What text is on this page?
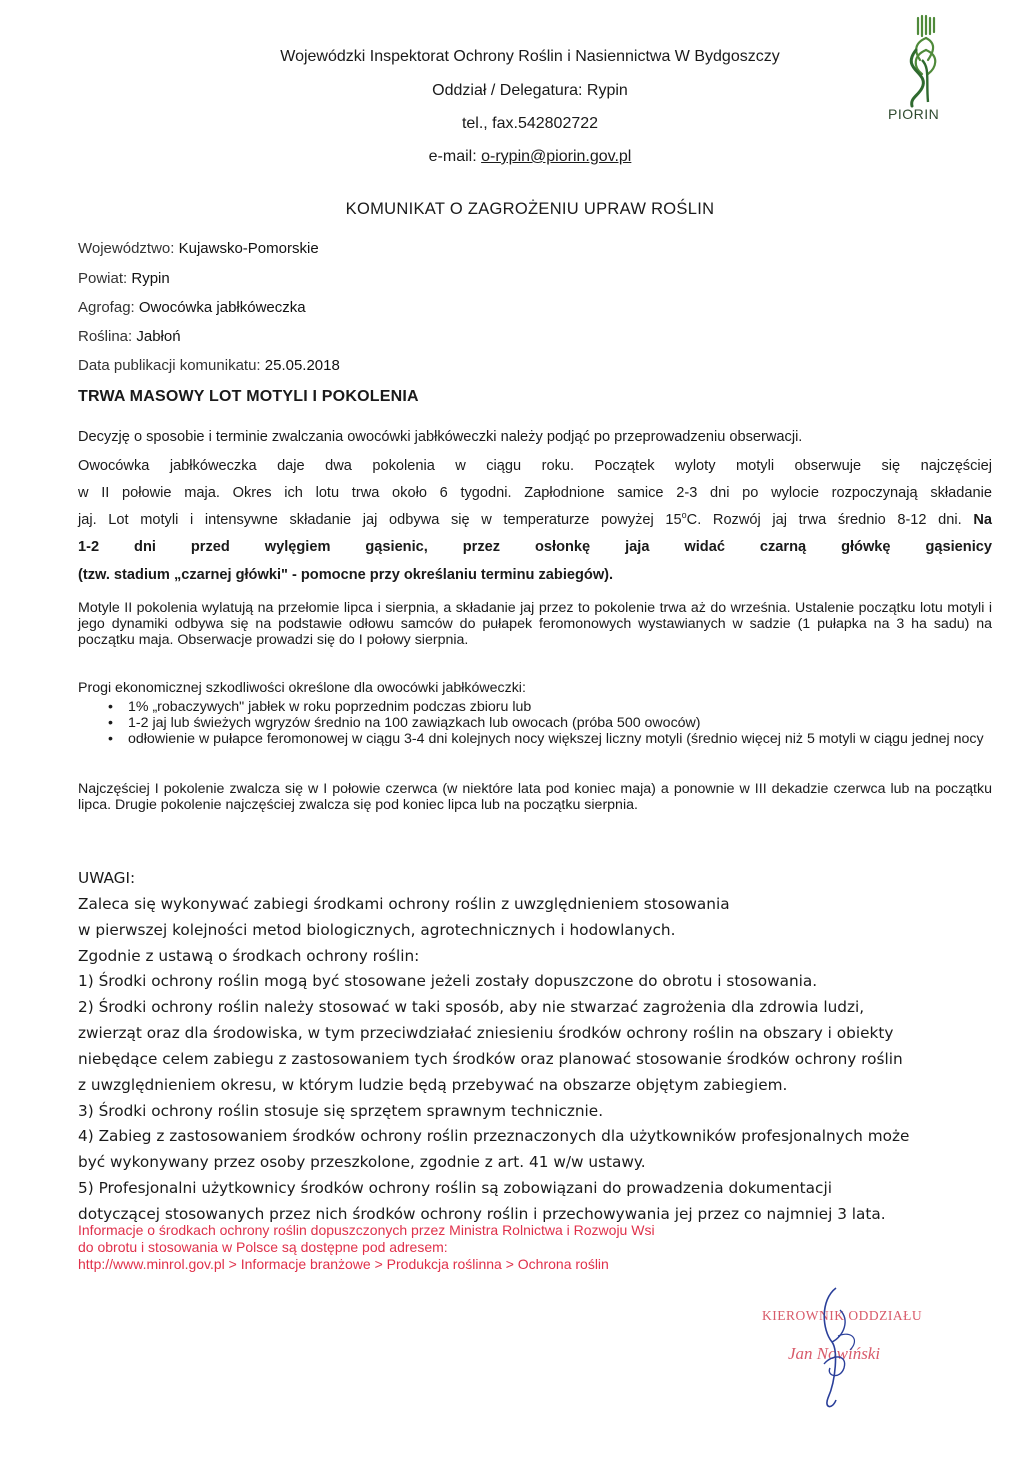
Wojewódzki Inspektorat Ochrony Roślin i Nasiennictwa W Bydgoszczy
Oddział / Delegatura: Rypin
tel., fax.542802722
e-mail: o-rypin@piorin.gov.pl
PIORIN
KOMUNIKAT O ZAGROŻENIU UPRAW ROŚLIN
Województwo: Kujawsko-Pomorskie
Powiat: Rypin
Agrofag: Owocówka jabłkóweczka
Roślina: Jabłoń
Data publikacji komunikatu: 25.05.2018
TRWA MASOWY LOT MOTYLI I POKOLENIA
Decyzję o sposobie i terminie zwalczania owocówki jabłkóweczki należy podjąć po przeprowadzeniu obserwacji.
Owocówka jabłkóweczka daje dwa pokolenia w ciągu roku. Początek wyloty motyli obserwuje się najczęściej
w II połowie maja. Okres ich lotu trwa około 6 tygodni. Zapłodnione samice 2-3 dni po wylocie rozpoczynają składanie
jaj. Lot motyli i intensywne składanie jaj odbywa się w temperaturze powyżej 15$^o$C. Rozwój jaj trwa średnio 8-12 dni. Na
1-2 dni przed wylęgiem gąsienic, przez osłonkę jaja widać czarną główkę gąsienicy
(tzw. stadium „czarnej główki" - pomocne przy określaniu terminu zabiegów).
Motyle II pokolenia wylatują na przełomie lipca i sierpnia, a składanie jaj przez to pokolenie trwa aż do września. Ustalenie początku lotu motyli i jego dynamiki odbywa się na podstawie odłowu samców do pułapek feromonowych wystawianych w sadzie (1 pułapka na 3 ha sadu) na początku maja. Obserwacje prowadzi się do I połowy sierpnia.
Progi ekonomicznej szkodliwości określone dla owocówki jabłkóweczki:
• 1% „robaczywych" jabłek w roku poprzednim podczas zbioru lub
• 1-2 jaj lub świeżych wgryzów średnio na 100 zawiązkach lub owocach (próba 500 owoców)
• odłowienie w pułapce feromonowej w ciągu 3-4 dni kolejnych nocy większej liczny motyli (średnio więcej niż 5 motyli w ciągu jednej nocy
Najczęściej I pokolenie zwalcza się w I połowie czerwca (w niektóre lata pod koniec maja) a ponownie w III dekadzie czerwca lub na początku lipca. Drugie pokolenie najczęściej zwalcza się pod koniec lipca lub na początku sierpnia.
UWAGI:
Zaleca się wykonywać zabiegi środkami ochrony roślin z uwzględnieniem stosowania
w pierwszej kolejności metod biologicznych, agrotechnicznych i hodowlanych.
Zgodnie z ustawą o środkach ochrony roślin:
1) Środki ochrony roślin mogą być stosowane jeżeli zostały dopuszczone do obrotu i stosowania.
2) Środki ochrony roślin należy stosować w taki sposób, aby nie stwarzać zagrożenia dla zdrowia ludzi,
zwierząt oraz dla środowiska, w tym przeciwdziałać zniesieniu środków ochrony roślin na obszary i obiekty
niebędące celem zabiegu z zastosowaniem tych środków oraz planować stosowanie środków ochrony roślin
z uwzględnieniem okresu, w którym ludzie będą przebywać na obszarze objętym zabiegiem.
3) Środki ochrony roślin stosuje się sprzętem sprawnym technicznie.
4) Zabieg z zastosowaniem środków ochrony roślin przeznaczonych dla użytkowników profesjonalnych może
być wykonywany przez osoby przeszkolone, zgodnie z art. 41 w/w ustawy.
5) Profesjonalni użytkownicy środków ochrony roślin są zobowiązani do prowadzenia dokumentacji
dotyczącej stosowanych przez nich środków ochrony roślin i przechowywania jej przez co najmniej 3 lata.
Informacje o środkach ochrony roślin dopuszczonych przez Ministra Rolnictwa i Rozwoju Wsi
do obrotu i stosowania w Polsce są dostępne pod adresem:
http://www.minrol.gov.pl > Informacje branżowe > Produkcja roślinna > Ochrona roślin
KIEROWNIK ODDZIAŁU
Jan Nowiński
